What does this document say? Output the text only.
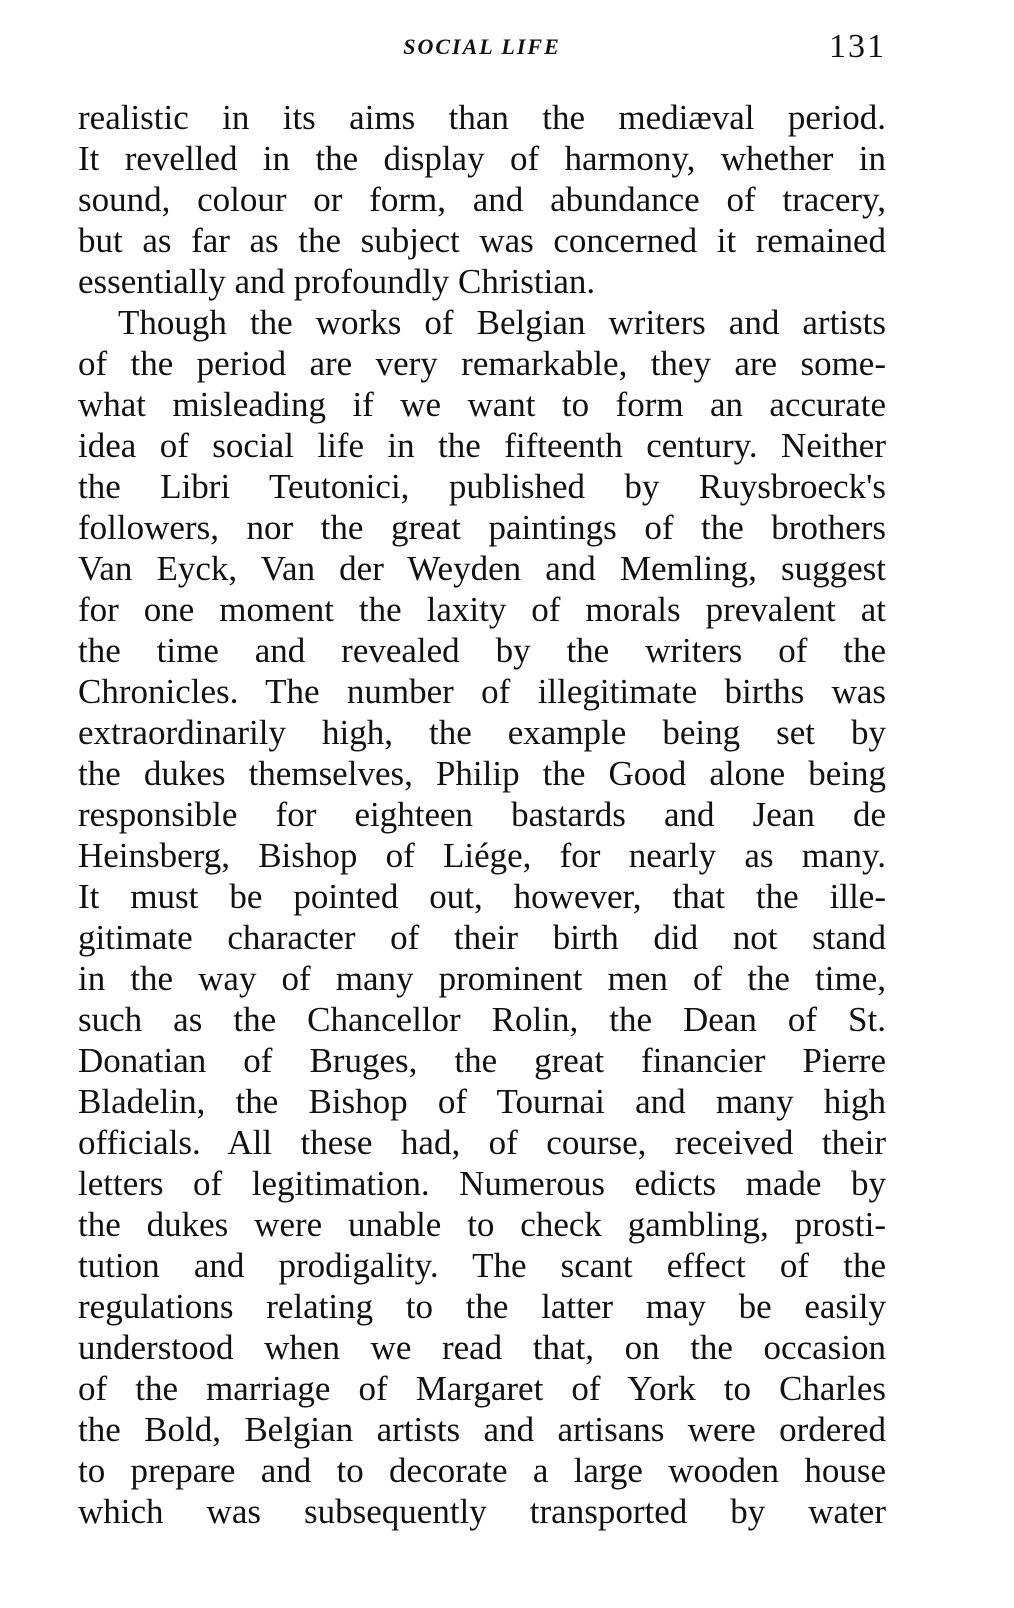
SOCIAL LIFE	131
realistic in its aims than the mediæval period.
It revelled in the display of harmony, whether in
sound, colour or form, and abundance of tracery,
but as far as the subject was concerned it remained
essentially and profoundly Christian.
Though the works of Belgian writers and artists
of the period are very remarkable, they are some-
what misleading if we want to form an accurate
idea of social life in the fifteenth century. Neither
the Libri Teutonici, published by Ruysbroeck's
followers, nor the great paintings of the brothers
Van Eyck, Van der Weyden and Memling, suggest
for one moment the laxity of morals prevalent at
the time and revealed by the writers of the
Chronicles. The number of illegitimate births was
extraordinarily high, the example being set by
the dukes themselves, Philip the Good alone being
responsible for eighteen bastards and Jean de
Heinsberg, Bishop of Liége, for nearly as many.
It must be pointed out, however, that the ille-
gitimate character of their birth did not stand
in the way of many prominent men of the time,
such as the Chancellor Rolin, the Dean of St.
Donatian of Bruges, the great financier Pierre
Bladelin, the Bishop of Tournai and many high
officials. All these had, of course, received their
letters of legitimation. Numerous edicts made by
the dukes were unable to check gambling, prosti-
tution and prodigality. The scant effect of the
regulations relating to the latter may be easily
understood when we read that, on the occasion
of the marriage of Margaret of York to Charles
the Bold, Belgian artists and artisans were ordered
to prepare and to decorate a large wooden house
which was subsequently transported by water
